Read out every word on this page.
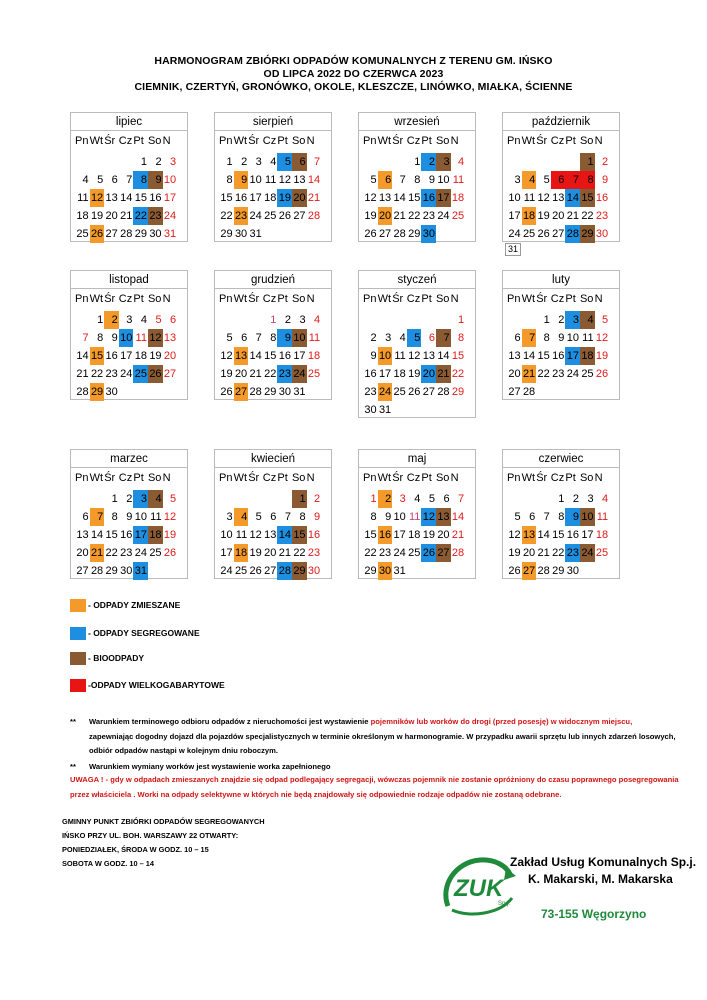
HARMONOGRAM ZBIÓRKI ODPADÓW KOMUNALNYCH Z TERENU GM. IŃSKO
OD LIPCA 2022 DO CZERWCA 2023
CIEMNIK, CZERTYŃ, GRONÓWKO, OKOLE, KLESZCZE, LINÓWKO, MIAŁKA, ŚCIENNE
lipiec
Pn Wt Śr Cz Pt So N
1 2 3
4 5 6 7 8 9 10
11 12 13 14 15 16 17
18 19 20 21 22 23 24
25 26 27 28 29 30 31
sierpień
Pn Wt Śr Cz Pt So N
1 2 3 4 5 6 7
8 9 10 11 12 13 14
15 16 17 18 19 20 21
22 23 24 25 26 27 28
29 30 31
wrzesień
Pn Wt Śr Cz Pt So N
1 2 3 4
5 6 7 8 9 10 11
12 13 14 15 16 17 18
19 20 21 22 23 24 25
26 27 28 29 30
październik
Pn Wt Śr Cz Pt So N
1 2
3 4 5 6 7 8 9
10 11 12 13 14 15 16
17 18 19 20 21 22 23
24 25 26 27 28 29 30
31
listopad
Pn Wt Śr Cz Pt So N
1 2 3 4 5 6
7 8 9 10 11 12 13
14 15 16 17 18 19 20
21 22 23 24 25 26 27
28 29 30
grudzień
Pn Wt Śr Cz Pt So N
1 2 3 4
5 6 7 8 9 10 11
12 13 14 15 16 17 18
19 20 21 22 23 24 25
26 27 28 29 30 31
styczeń
Pn Wt Śr Cz Pt So N
1
2 3 4 5 6 7 8
9 10 11 12 13 14 15
16 17 18 19 20 21 22
23 24 25 26 27 28 29
30 31
luty
Pn Wt Śr Cz Pt So N
1 2 3 4 5
6 7 8 9 10 11 12
13 14 15 16 17 18 19
20 21 22 23 24 25 26
27 28
marzec
Pn Wt Śr Cz Pt So N
1 2 3 4 5
6 7 8 9 10 11 12
13 14 15 16 17 18 19
20 21 22 23 24 25 26
27 28 29 30 31
kwiecień
Pn Wt Śr Cz Pt So N
1 2
3 4 5 6 7 8 9
10 11 12 13 14 15 16
17 18 19 20 21 22 23
24 25 26 27 28 29 30
maj
Pn Wt Śr Cz Pt So N
1 2 3 4 5 6 7
8 9 10 11 12 13 14
15 16 17 18 19 20 21
22 23 24 25 26 27 28
29 30 31
czerwiec
Pn Wt Śr Cz Pt So N
1 2 3 4
5 6 7 8 9 10 11
12 13 14 15 16 17 18
19 20 21 22 23 24 25
26 27 28 29 30
- ODPADY ZMIESZANE
- ODPADY SEGREGOWANE
- BIOODPADY
-ODPADY WIELKOGABARYTOWE
** Warunkiem terminowego odbioru odpadów z nieruchomości jest wystawienie pojemników lub worków do drogi (przed posesję) w widocznym miejscu,
zapewniając dogodny dojazd dla pojazdów specjalistycznych w terminie określonym w harmonogramie. W przypadku awarii sprzętu lub innych zdarzeń losowych,
odbiór odpadów nastąpi w kolejnym dniu roboczym.
** Warunkiem wymiany worków jest wystawienie worka zapełnionego
UWAGA ! - gdy w odpadach zmieszanych znajdzie się odpad podlegający segregacji, wówczas pojemnik nie zostanie opróżniony do czasu poprawnego posegregowania
przez właściciela . Worki na odpady selektywne w których nie będą znajdowały się odpowiednie rodzaje odpadów nie zostaną odebrane.
GMINNY PUNKT ZBIÓRKI ODPADÓW SEGREGOWANYCH
IŃSKO PRZY UL. BOH. WARSZAWY 22 OTWARTY:
PONIEDZIAŁEK, ŚRODA W GODZ. 10 – 15
SOBOTA W GODZ. 10 – 14
ZUK
Sp.j.
Zakład Usług Komunalnych Sp.j.
K. Makarski, M. Makarska
73-155 Węgorzyno
